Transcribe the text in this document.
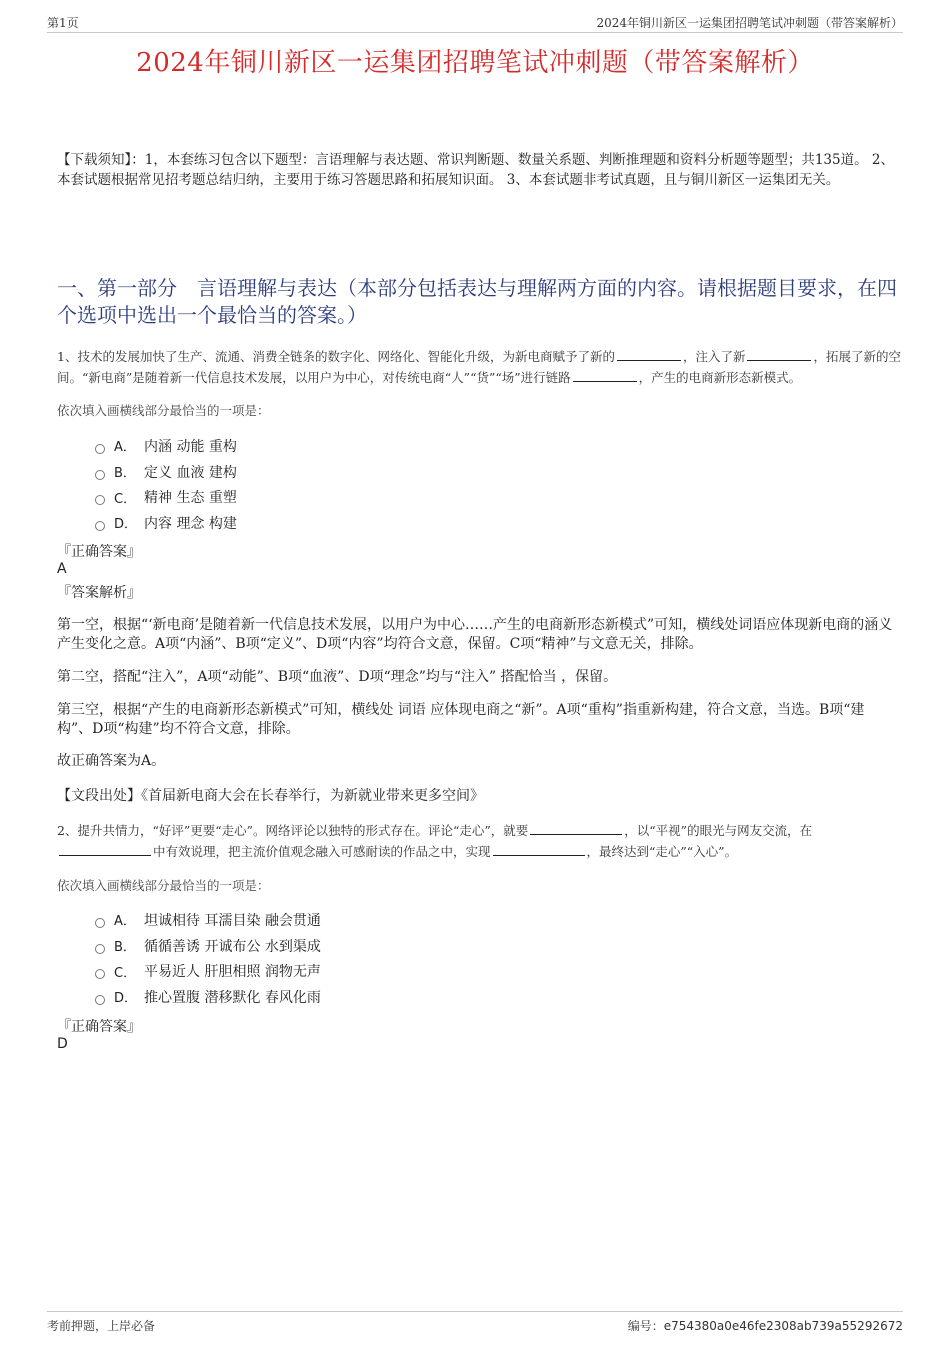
第1页	2024年铜川新区一运集团招聘笔试冲刺题（带答案解析）
2024年铜川新区一运集团招聘笔试冲刺题（带答案解析）

【下载须知】：1，本套练习包含以下题型：言语理解与表达题、常识判断题、数量关系题、判断推理题和资料分析题等题型；共135道。 2、本套试题根据常见招考题总结归纳，主要用于练习答题思路和拓展知识面。 3、本套试题非考试真题，且与铜川新区一运集团无关。

一、第一部分　言语理解与表达（本部分包括表达与理解两方面的内容。请根据题目要求，在四个选项中选出一个最恰当的答案。）

1、技术的发展加快了生产、流通、消费全链条的数字化、网络化、智能化升级，为新电商赋予了新的	，注入了新	，拓展了新的空间。“新电商”是随着新一代信息技术发展，以用户为中心，对传统电商“人”“货”“场”进行链路	，产生的电商新形态新模式。

依次填入画横线部分最恰当的一项是：

A． 内涵 动能 重构
B． 定义 血液 建构
C． 精神 生态 重塑
D． 内容 理念 构建

『正确答案』

A

『答案解析』

第一空，根据“‘新电商’是随着新一代信息技术发展，以用户为中心……产生的电商新形态新模式”可知，横线处词语应体现新电商的涵义产生变化之意。A项“内涵”、B项“定义”、D项“内容”均符合文意，保留。C项“精神”与文意无关，排除。

第二空，搭配“注入”，A项“动能”、B项“血液”、D项“理念”均与“注入” 搭配恰当 ，保留。

第三空，根据“产生的电商新形态新模式”可知，横线处 词语 应体现电商之“新”。A项“重构”指重新构建，符合文意，当选。B项“建构”、D项“构建”均不符合文意，排除。

故正确答案为A。

【文段出处】《首届新电商大会在长春举行，为新就业带来更多空间》

2、提升共情力，“好评”更要“走心”。网络评论以独特的形式存在。评论“走心”，就要	，以“平视”的眼光与网友交流，在中有效说理，把主流价值观念融入可感耐读的作品之中，实现	，最终达到“走心”“入心”。

依次填入画横线部分最恰当的一项是：

A． 坦诚相待 耳濡目染 融会贯通
B． 循循善诱 开诚布公 水到渠成
C． 平易近人 肝胆相照 润物无声
D． 推心置腹 潜移默化 春风化雨

『正确答案』

D

考前押题，上岸必备	编号：e754380a0e46fe2308ab739a55292672
